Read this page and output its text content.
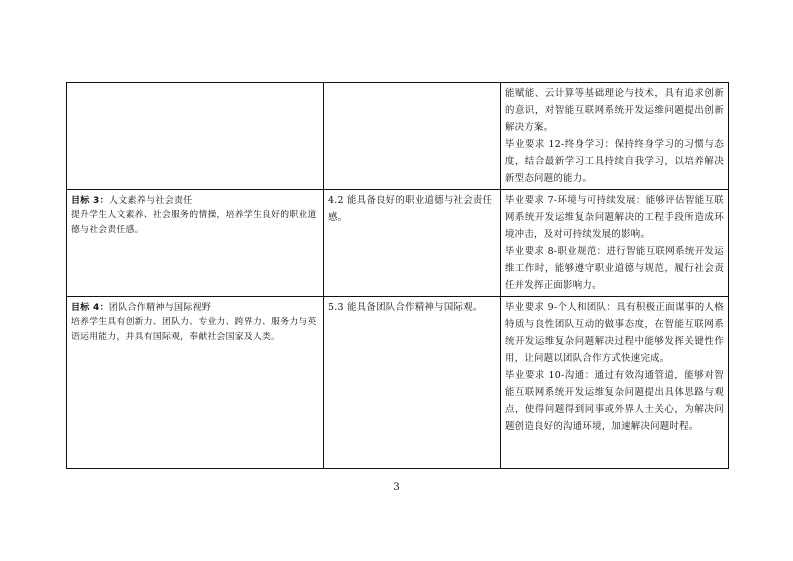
		能赋能、云计算等基础理论与技术，具有追求创新的意识，对智能互联网系统开发运维问题提出创新解决方案。
毕业要求 12-终身学习：保持终身学习的习惯与态度，结合最新学习工具持续自我学习，以培养解决新型态问题的能力。

目标 3：人文素养与社会责任
提升学生人文素养、社会服务的情操，培养学生良好的职业道德与社会责任感。	4.2 能具备良好的职业道德与社会责任感。	毕业要求 7-环境与可持续发展：能够评估智能互联网系统开发运维复杂问题解决的工程手段所造成环境冲击，及对可持续发展的影响。
毕业要求 8-职业规范：进行智能互联网系统开发运维工作时，能够遵守职业道德与规范，履行社会责任并发挥正面影响力。

目标 4：团队合作精神与国际视野
培养学生具有创新力、团队力、专业力、跨界力、服务力与英语运用能力，并具有国际观，奉献社会国家及人类。	5.3 能具备团队合作精神与国际观。	毕业要求 9-个人和团队：具有积极正面谋事的人格特质与良性团队互动的做事态度，在智能互联网系统开发运维复杂问题解决过程中能够发挥关键性作用，让问题以团队合作方式快速完成。
毕业要求 10-沟通：通过有效沟通管道，能够对智能互联网系统开发运维复杂问题提出具体思路与观点，使得问题得到同事或外界人士关心，为解决问题创造良好的沟通环境，加速解决问题时程。
3
